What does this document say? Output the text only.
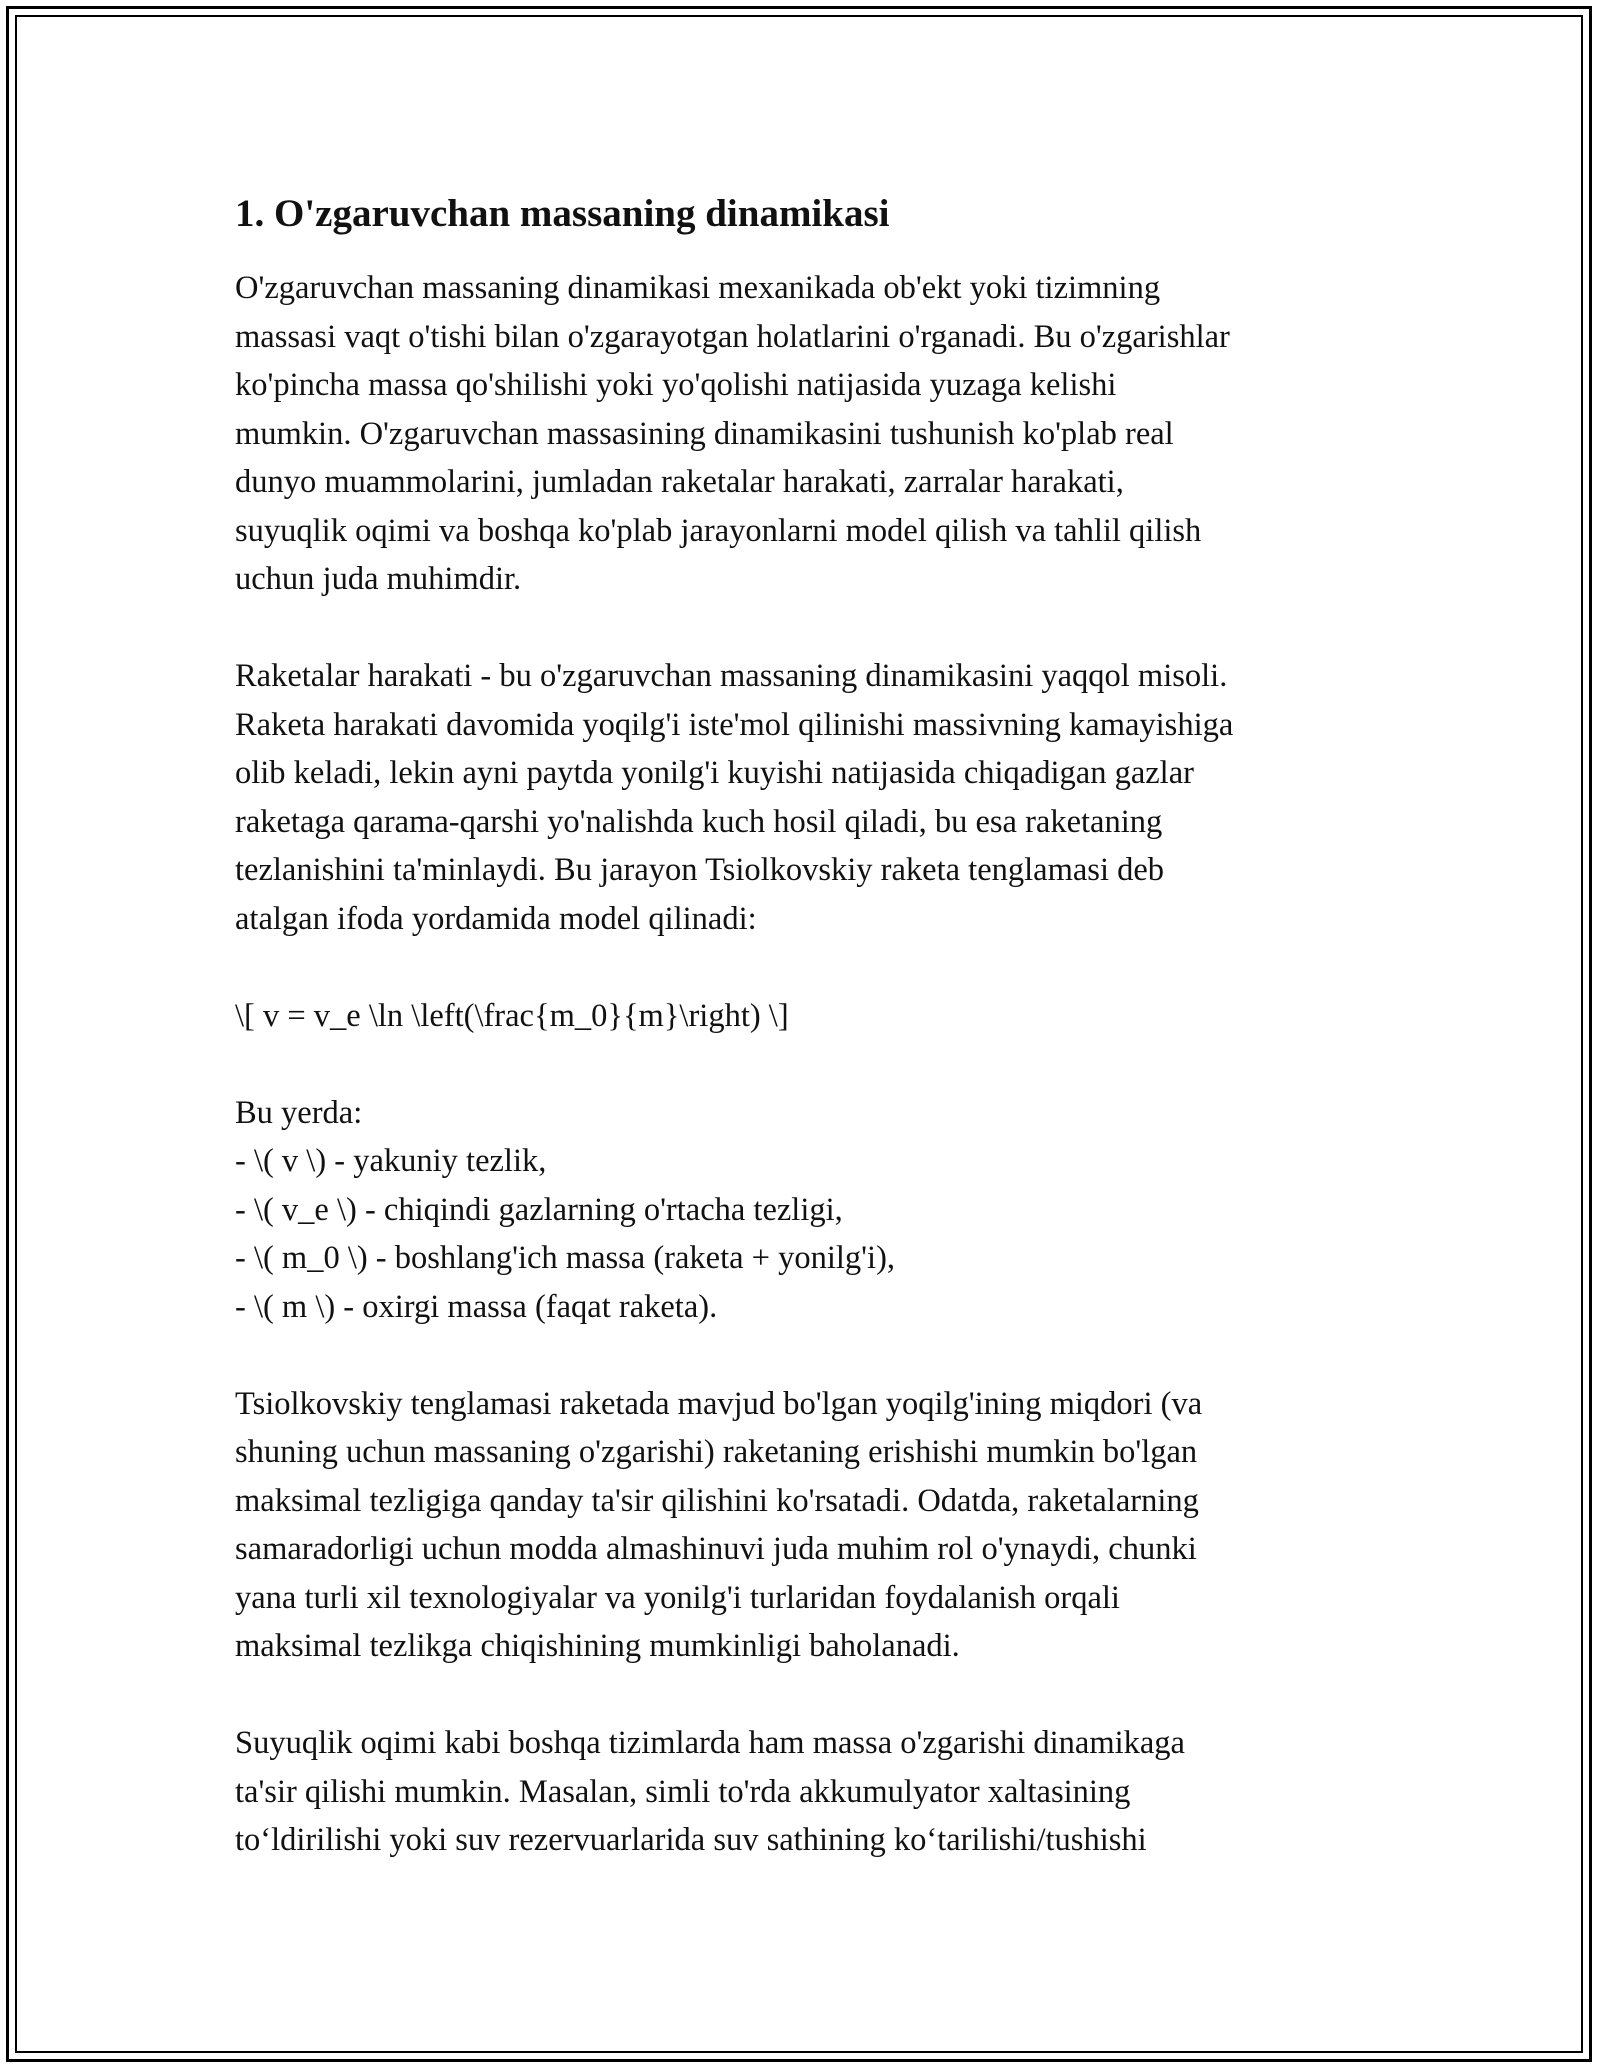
1. O'zgaruvchan massaning dinamikasi
O'zgaruvchan massaning dinamikasi mexanikada ob'ekt yoki tizimning
massasi vaqt o'tishi bilan o'zgarayotgan holatlarini o'rganadi. Bu o'zgarishlar
ko'pincha massa qo'shilishi yoki yo'qolishi natijasida yuzaga kelishi
mumkin. O'zgaruvchan massasining dinamikasini tushunish ko'plab real
dunyo muammolarini, jumladan raketalar harakati, zarralar harakati,
suyuqlik oqimi va boshqa ko'plab jarayonlarni model qilish va tahlil qilish
uchun juda muhimdir.
Raketalar harakati - bu o'zgaruvchan massaning dinamikasini yaqqol misoli.
Raketa harakati davomida yoqilg'i iste'mol qilinishi massivning kamayishiga
olib keladi, lekin ayni paytda yonilg'i kuyishi natijasida chiqadigan gazlar
raketaga qarama-qarshi yo'nalishda kuch hosil qiladi, bu esa raketaning
tezlanishini ta'minlaydi. Bu jarayon Tsiolkovskiy raketa tenglamasi deb
atalgan ifoda yordamida model qilinadi:
\[ v = v_e \ln \left(\frac{m_0}{m}\right) \]
Bu yerda:
- \( v \) - yakuniy tezlik,
- \( v_e \) - chiqindi gazlarning o'rtacha tezligi,
- \( m_0 \) - boshlang'ich massa (raketa + yonilg'i),
- \( m \) - oxirgi massa (faqat raketa).
Tsiolkovskiy tenglamasi raketada mavjud bo'lgan yoqilg'ining miqdori (va
shuning uchun massaning o'zgarishi) raketaning erishishi mumkin bo'lgan
maksimal tezligiga qanday ta'sir qilishini ko'rsatadi. Odatda, raketalarning
samaradorligi uchun modda almashinuvi juda muhim rol o'ynaydi, chunki
yana turli xil texnologiyalar va yonilg'i turlaridan foydalanish orqali
maksimal tezlikga chiqishining mumkinligi baholanadi.
Suyuqlik oqimi kabi boshqa tizimlarda ham massa o'zgarishi dinamikaga
ta'sir qilishi mumkin. Masalan, simli to'rda akkumulyator xaltasining
to‘ldirilishi yoki suv rezervuarlarida suv sathining ko‘tarilishi/tushishi
